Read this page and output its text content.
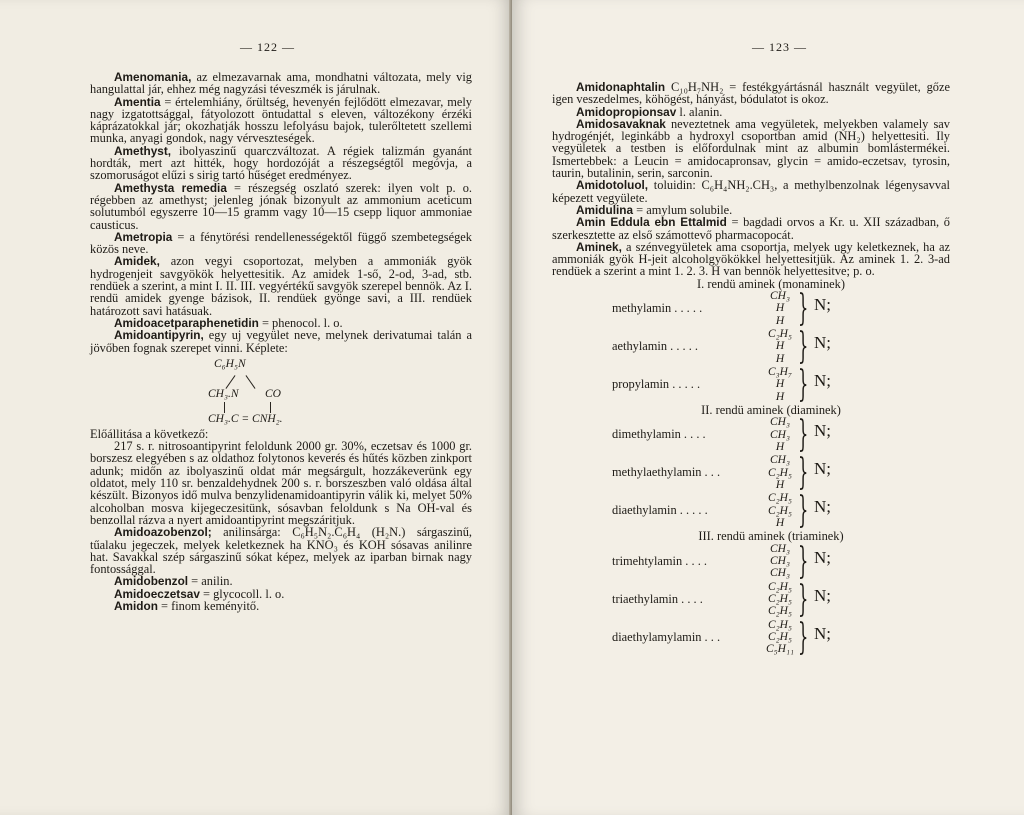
— 122 —

Amenomania, az elmezavarnak ama, mondhatni változata, mely vig hangulattal jár, ehhez még nagyzási téveszmék is járulnak.

Amentia = értelemhiány, őrültség, hevenyén fejlődött elmezavar, mely nagy izgatottsággal, fátyolozott öntudattal s eleven, változékony érzéki káprázatokkal jár; okozhatják hosszu lefolyásu bajok, tulerőltetett szellemi munka, anyagi gondok, nagy vérveszteségek.

Amethyst, ibolyaszinű quarczváltozat. A régiek talizmán gyanánt hordták, mert azt hitték, hogy hordozóját a részegségtől megóvja, a szomoruságot elűzi s sirig tartó hűséget eredményez.

Amethysta remedia = részegség oszlató szerek: ilyen volt p. o. régebben az amethyst; jelenleg jónak bizonyult az ammonium aceticum solutumból egyszerre 10—15 gramm vagy 10—15 csepp liquor ammoniae causticus.

Ametropia = a fénytörési rendellenességektől függő szembetegségek közös neve.

Amidek, azon vegyi csoportozat, melyben a ammoniák gyök hydrogenjeit savgyökök helyettesitik. Az amidek 1-ső, 2-od, 3-ad, stb. rendüek a szerint, a mint I. II. III. vegyértékű savgyök szerepel bennök. Az I. rendü amidek gyenge bázisok, II. rendüek gyönge savi, a III. rendüek határozott savi hatásuak.

Amidoacetparaphenetidin = phenocol. l. o.

Amidoantipyrin, egy uj vegyület neve, melynek derivatumai talán a jövőben fognak szerepet vinni. Képlete:

C₆H₅N
CH₃.N CO
CH₃.C = CNH₂.

Előállitása a következő:

217 s. r. nitrosoantipyrint feloldunk 2000 gr. 30%, eczetsav és 1000 gr. borszesz elegyében s az oldathoz folytonos keverés és hűtés közben zinkport adunk; midőn az ibolyaszinű oldat már megsárgult, hozzákeverünk egy oldatot, mely 110 sr. benzaldehydnek 200 s. r. borszeszben való oldása által készült. Bizonyos idő mulva benzylidenamidoantipyrin válik ki, melyet 50% alcoholban mosva kijegeczesitünk, sósavban feloldunk s Na OH-val és benzollal rázva a nyert amidoantipyrint megszáritjuk.

Amidoazobenzol; anilinsárga: C₆H₅N₂.C₆H₄ (H₂N.) sárgaszinű, tűalaku jegeczek, melyek keletkeznek ha KNO₃ és KOH sósavas anilinre hat. Savakkal szép sárgaszinű sókat képez, melyek az iparban birnak nagy fontossággal.

Amidobenzol = anilin.

Amidoeczetsav = glycocoll. l. o.

Amidon = finom keményitő.

— 123 —

Amidonaphtalin C₁₀H₇NH₂ = festékgyártásnál használt vegyület, gőze igen veszedelmes, köhögést, hányást, bódulatot is okoz.

Amidopropionsav l. alanin.

Amidosavaknak neveztetnek ama vegyületek, melyekben valamely sav hydrogénjét, leginkább a hydroxyl csoportban amid (NH₂) helyettesiti. Ily vegyületek a testben is előfordulnak mint az albumin bomlástermékei. Ismertebbek: a Leucin = amidocapronsav, glycin = amido-eczetsav, tyrosin, taurin, butalinin, serin, sarconin.

Amidotoluol, toluidin: C₆H₄NH₂.CH₃, a methylbenzolnak légenysavval képezett vegyülete.

Amidulina = amylum solubile.

Amin Eddula ebn Ettalmid = bagdadi orvos a Kr. u. XII században, ő szerkesztette az első számottevő pharmacopocát.

Aminek, a szénvegyületek ama csoportja, melyek ugy keletkeznek, ha az ammoniák gyök H-jeit alcoholgyökökkel helyettesitjük. Az aminek 1. 2. 3-ad rendüek a szerint a mint 1. 2. 3. H van bennök helyettesitve; p. o.

I. rendü aminek (monaminek)
methylamin . . . . .
CH₃
H
H } N;
aethylamin . . . . .
C₂H₅
H
H } N;
propylamin . . . . .
C₃H₇
H
H } N;
II. rendü aminek (diaminek)
dimethylamin . . . .
CH₃
CH₃
H } N;
methylaethylamin . . .
CH₃
C₂H₅
H } N;
diaethylamin . . . . .
C₂H₅
C₂H₅
H } N;
III. rendü aminek (triaminek)
trimehtylamin . . . .
CH₃
CH₃
CH₃ } N;
triaethylamin . . . .
C₂H₅
C₂H₅
C₂H₅ } N;
diaethylamylamin . . .
C₂H₅
C₂H₅
C₅H₁₁ } N;
